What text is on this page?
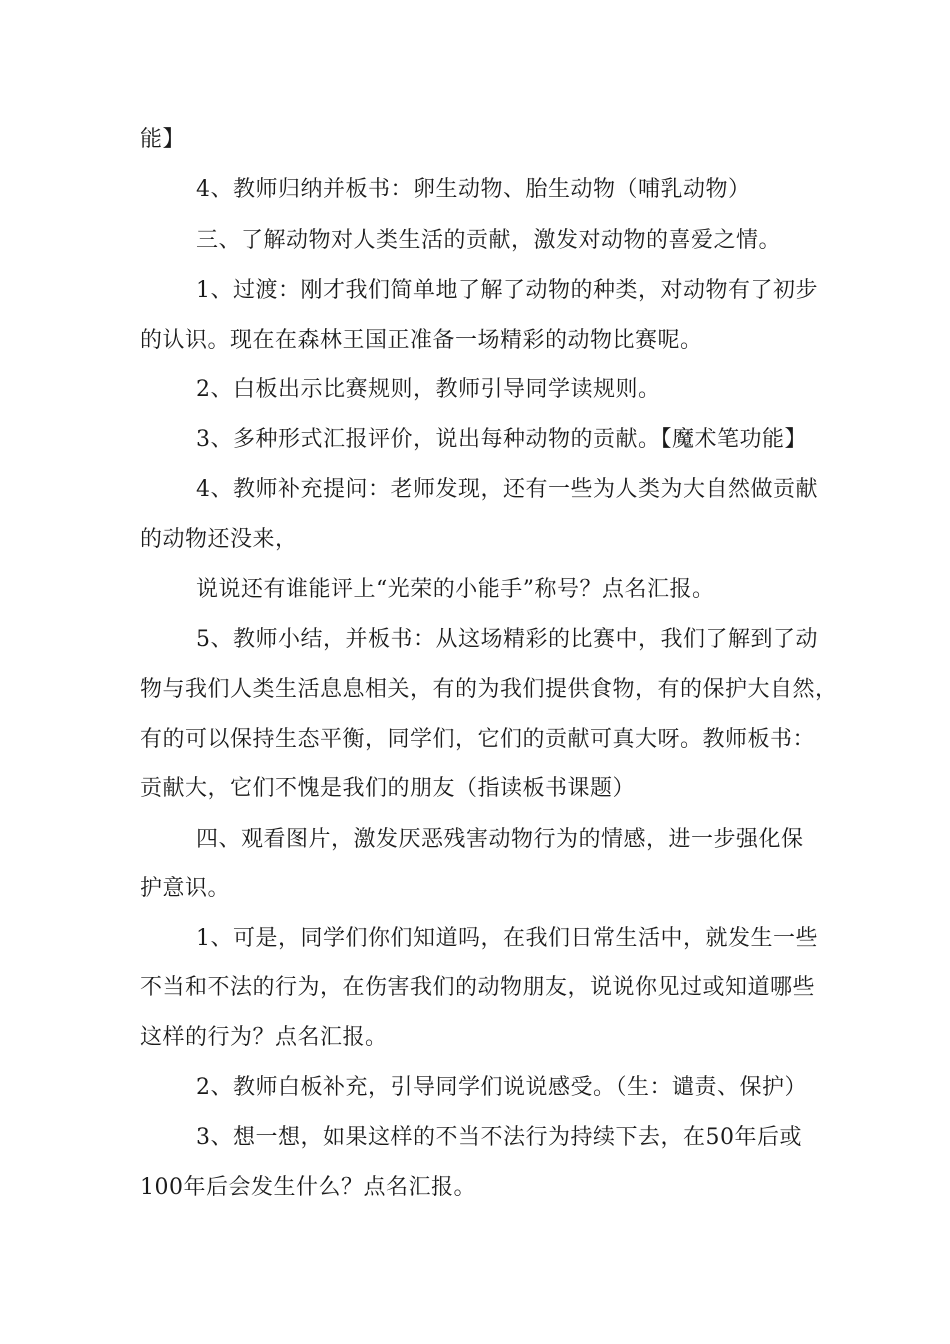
能】
4、教师归纳并板书：卵生动物、胎生动物（哺乳动物）
三、了解动物对人类生活的贡献，激发对动物的喜爱之情。
1、过渡：刚才我们简单地了解了动物的种类，对动物有了初步
的认识。现在在森林王国正准备一场精彩的动物比赛呢。
2、白板出示比赛规则，教师引导同学读规则。
3、多种形式汇报评价，说出每种动物的贡献。【魔术笔功能】
4、教师补充提问：老师发现，还有一些为人类为大自然做贡献
的动物还没来，
说说还有谁能评上“光荣的小能手”称号？点名汇报。
5、教师小结，并板书：从这场精彩的比赛中，我们了解到了动
物与我们人类生活息息相关，有的为我们提供食物，有的保护大自然，
有的可以保持生态平衡，同学们，它们的贡献可真大呀。教师板书：
贡献大，它们不愧是我们的朋友（指读板书课题）
四、观看图片，激发厌恶残害动物行为的情感，进一步强化保
护意识。
1、可是，同学们你们知道吗，在我们日常生活中，就发生一些
不当和不法的行为，在伤害我们的动物朋友，说说你见过或知道哪些
这样的行为？点名汇报。
2、教师白板补充，引导同学们说说感受。（生：谴责、保护）
3、想一想，如果这样的不当不法行为持续下去，在50年后或
100年后会发生什么？点名汇报。
